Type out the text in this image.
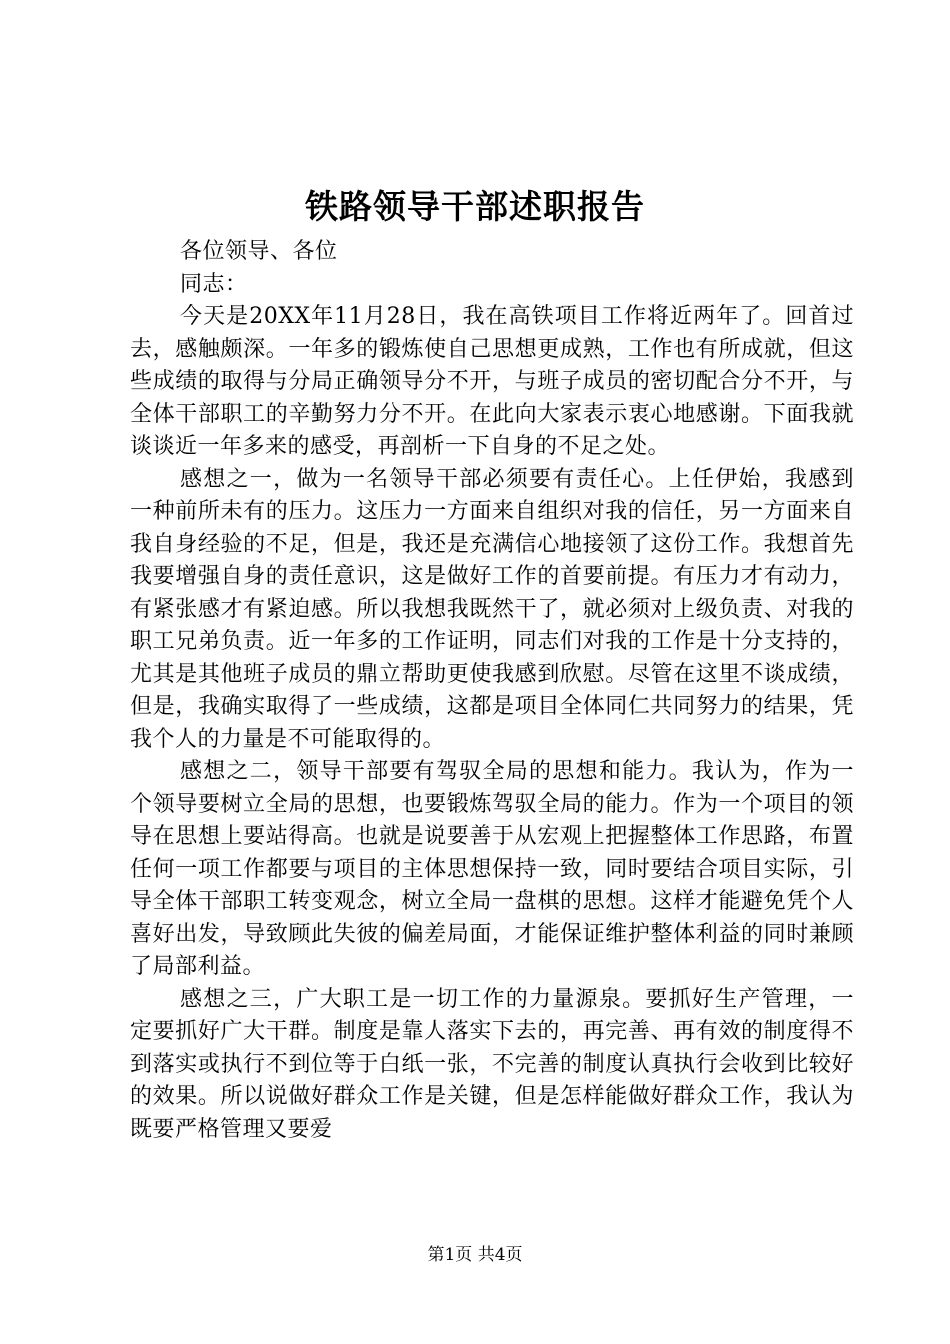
铁路领导干部述职报告

各位领导、各位

同志：

今天是20XX年11月28日，我在高铁项目工作将近两年了。回首过去，感触颇深。一年多的锻炼使自己思想更成熟，工作也有所成就，但这些成绩的取得与分局正确领导分不开，与班子成员的密切配合分不开，与全体干部职工的辛勤努力分不开。在此向大家表示衷心地感谢。下面我就谈谈近一年多来的感受，再剖析一下自身的不足之处。

感想之一，做为一名领导干部必须要有责任心。上任伊始，我感到一种前所未有的压力。这压力一方面来自组织对我的信任，另一方面来自我自身经验的不足，但是，我还是充满信心地接领了这份工作。我想首先我要增强自身的责任意识，这是做好工作的首要前提。有压力才有动力，有紧张感才有紧迫感。所以我想我既然干了，就必须对上级负责、对我的职工兄弟负责。近一年多的工作证明，同志们对我的工作是十分支持的，尤其是其他班子成员的鼎立帮助更使我感到欣慰。尽管在这里不谈成绩，但是，我确实取得了一些成绩，这都是项目全体同仁共同努力的结果，凭我个人的力量是不可能取得的。

感想之二，领导干部要有驾驭全局的思想和能力。我认为，作为一个领导要树立全局的思想，也要锻炼驾驭全局的能力。作为一个项目的领导在思想上要站得高。也就是说要善于从宏观上把握整体工作思路，布置任何一项工作都要与项目的主体思想保持一致，同时要结合项目实际，引导全体干部职工转变观念，树立全局一盘棋的思想。这样才能避免凭个人喜好出发，导致顾此失彼的偏差局面，才能保证维护整体利益的同时兼顾了局部利益。

感想之三，广大职工是一切工作的力量源泉。要抓好生产管理，一定要抓好广大干群。制度是靠人落实下去的，再完善、再有效的制度得不到落实或执行不到位等于白纸一张，不完善的制度认真执行会收到比较好的效果。所以说做好群众工作是关键，但是怎样能做好群众工作，我认为既要严格管理又要爱

第1页 共4页
